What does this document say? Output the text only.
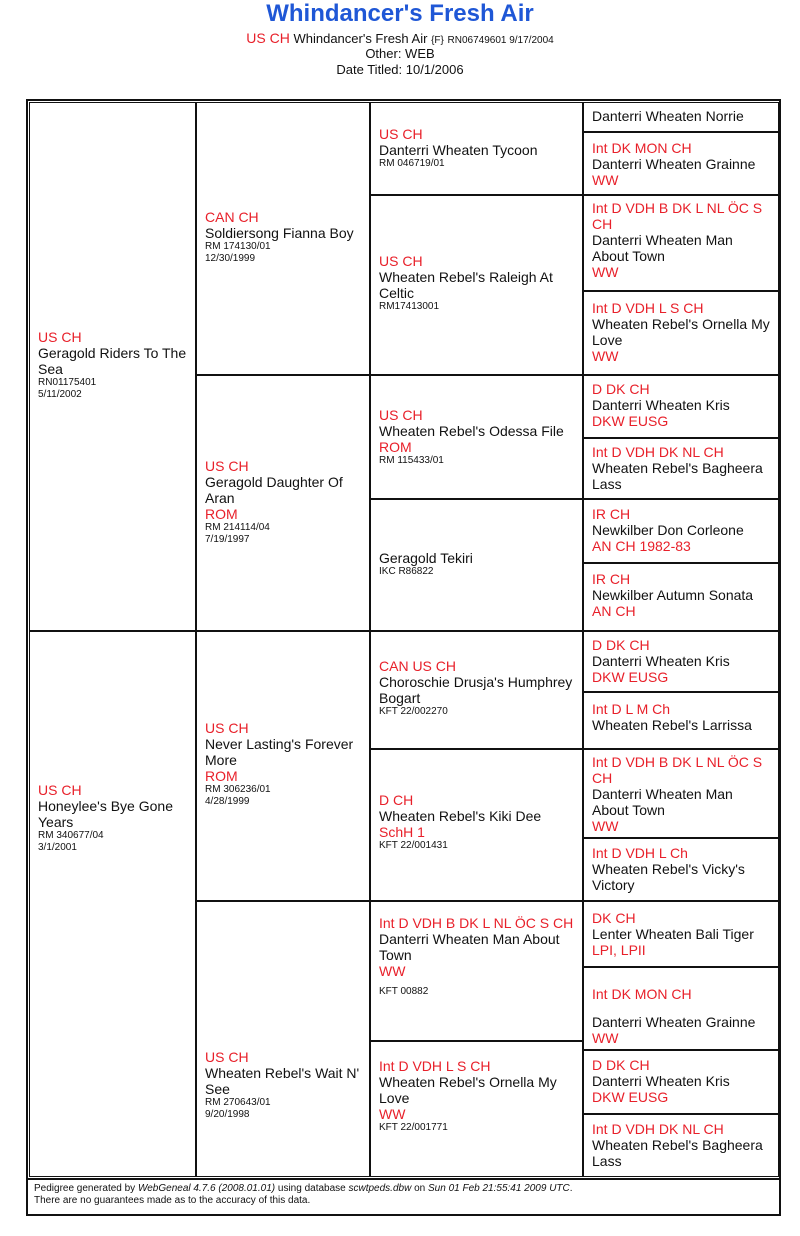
Whindancer's Fresh Air
US CH Whindancer's Fresh Air {F} RN06749601 9/17/2004
Other: WEB
Date Titled: 10/1/2006
US CH
Geragold Riders To The Sea
RN01175401
5/11/2002
US CH
Honeylee's Bye Gone Years
RM 340677/04
3/1/2001
CAN CH
Soldiersong Fianna Boy
RM 174130/01
12/30/1999
US CH
Geragold Daughter Of Aran
ROM
RM 214114/04
7/19/1997
US CH
Never Lasting's Forever More
ROM
RM 306236/01
4/28/1999
US CH
Wheaten Rebel's Wait N' See
RM 270643/01
9/20/1998
US CH
Danterri Wheaten Tycoon
RM 046719/01
US CH
Wheaten Rebel's Raleigh At Celtic
RM17413001
US CH
Wheaten Rebel's Odessa File
ROM
RM 115433/01
Geragold Tekiri
IKC R86822
CAN US CH
Choroschie Drusja's Humphrey Bogart
KFT 22/002270
D CH
Wheaten Rebel's Kiki Dee
SchH 1
KFT 22/001431
Int D VDH B DK L NL ÖC S CH
Danterri Wheaten Man About Town
WW
KFT 00882
Int D VDH L S CH
Wheaten Rebel's Ornella My Love
WW
KFT 22/001771
Danterri Wheaten Norrie
Int DK MON CH
Danterri Wheaten Grainne
WW
Int D VDH B DK L NL ÖC S CH
Danterri Wheaten Man About Town
WW
Int D VDH L S CH
Wheaten Rebel's Ornella My Love
WW
D DK CH
Danterri Wheaten Kris
DKW EUSG
Int D VDH DK NL CH
Wheaten Rebel's Bagheera Lass
IR CH
Newkilber Don Corleone
AN CH 1982-83
IR CH
Newkilber Autumn Sonata
AN CH
D DK CH
Danterri Wheaten Kris
DKW EUSG
Int D L M Ch
Wheaten Rebel's Larrissa
Int D VDH B DK L NL ÖC S CH
Danterri Wheaten Man About Town
WW
Int D VDH L Ch
Wheaten Rebel's Vicky's Victory
DK CH
Lenter Wheaten Bali Tiger
LPI, LPII
Int DK MON CH
Danterri Wheaten Grainne
WW
D DK CH
Danterri Wheaten Kris
DKW EUSG
Int D VDH DK NL CH
Wheaten Rebel's Bagheera Lass
Pedigree generated by WebGeneal 4.7.6 (2008.01.01) using database scwtpeds.dbw on Sun 01 Feb 21:55:41 2009 UTC.
There are no guarantees made as to the accuracy of this data.
